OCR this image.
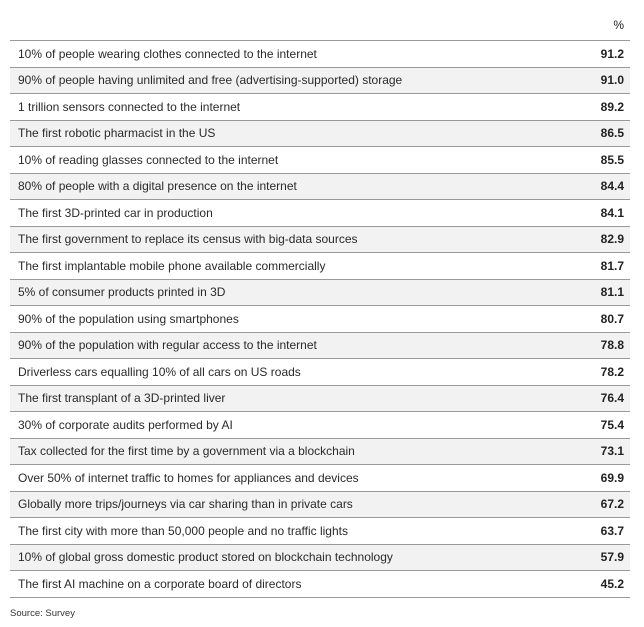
%
10% of people wearing clothes connected to the internet	91.2
90% of people having unlimited and free (advertising-supported) storage	91.0
1 trillion sensors connected to the internet	89.2
The first robotic pharmacist in the US	86.5
10% of reading glasses connected to the internet	85.5
80% of people with a digital presence on the internet	84.4
The first 3D-printed car in production	84.1
The first government to replace its census with big-data sources	82.9
The first implantable mobile phone available commercially	81.7
5% of consumer products printed in 3D	81.1
90% of the population using smartphones	80.7
90% of the population with regular access to the internet	78.8
Driverless cars equalling 10% of all cars on US roads	78.2
The first transplant of a 3D-printed liver	76.4
30% of corporate audits performed by AI	75.4
Tax collected for the first time by a government via a blockchain	73.1
Over 50% of internet traffic to homes for appliances and devices	69.9
Globally more trips/journeys via car sharing than in private cars	67.2
The first city with more than 50,000 people and no traffic lights	63.7
10% of global gross domestic product stored on blockchain technology	57.9
The first AI machine on a corporate board of directors	45.2
Source: Survey
